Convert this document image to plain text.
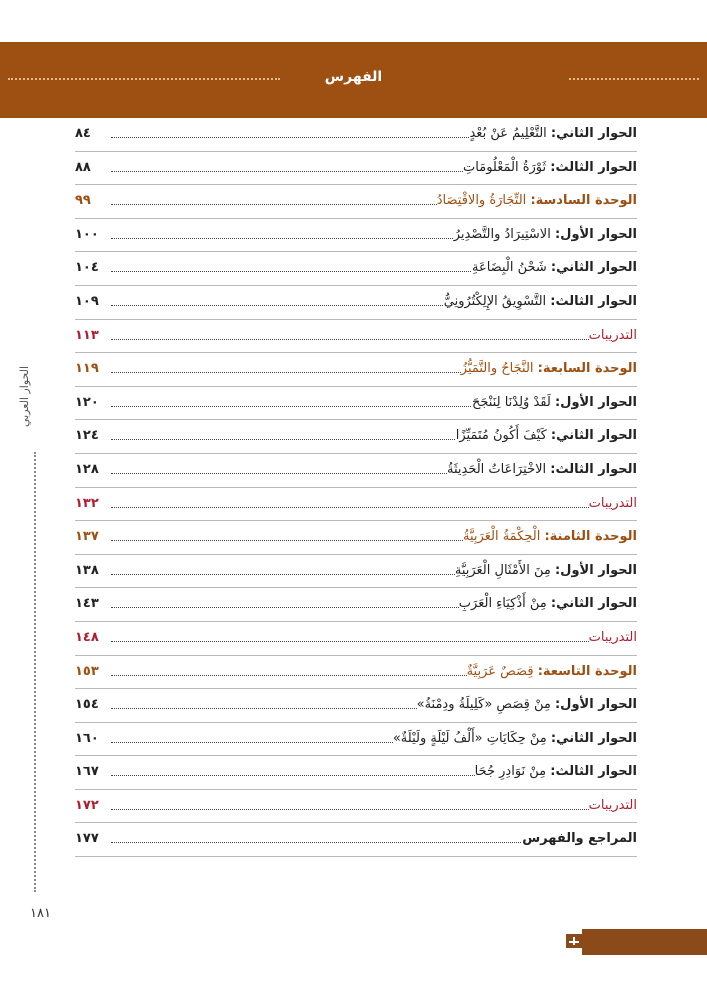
الفهرس
الحوار الثاني: التَّعْلِيمُ عَنْ بُعْدٍ
٨٤
الحوار الثالث: ثَوْرَةُ الْمَعْلُومَاتِ
٨٨
الوحدة السادسة: التِّجَارَةُ والاقْتِصَادُ
٩٩
الحوار الأول: الاسْتِيرَادُ والتَّصْدِيرُ
١٠٠
الحوار الثاني: شَحْنُ الْبِضَاعَةِ
١٠٤
الحوار الثالث: التَّسْوِيقُ الإِلِكْتُرُونِيُّ
١٠٩
التدريبات
١١٣
الوحدة السابعة: النَّجَاحُ والتَّمَيُّزُ
١١٩
الحوار الأول: لَقَدْ وُلِدْنَا لِنَنْجَحَ
١٢٠
الحوار الثاني: كَيْفَ أَكُونُ مُتَمَيِّزًا
١٢٤
الحوار الثالث: الاخْتِرَاعَاتُ الْحَدِيثَةُ
١٢٨
التدريبات
١٣٢
الوحدة الثامنة: الْحِكْمَةُ الْعَرَبِيَّةُ
١٣٧
الحوار الأول: مِنَ الأَمْثَالِ الْعَرَبِيَّةِ
١٣٨
الحوار الثاني: مِنْ أَذْكِيَاءِ الْعَرَبِ
١٤٣
التدريبات
١٤٨
الوحدة التاسعة: قِصَصٌ عَرَبِيَّةٌ
١٥٣
الحوار الأول: مِنْ قِصَصِ «كَلِيلَةُ ودِمْنَةُ»
١٥٤
الحوار الثاني: مِنْ حِكَايَاتِ «أَلْفُ لَيْلَةٍ ولَيْلَةٌ»
١٦٠
الحوار الثالث: مِنْ نَوَادِرِ جُحَا
١٦٧
التدريبات
١٧٢
المراجع والفهرس
١٧٧
الحوار العربي
١٨١
